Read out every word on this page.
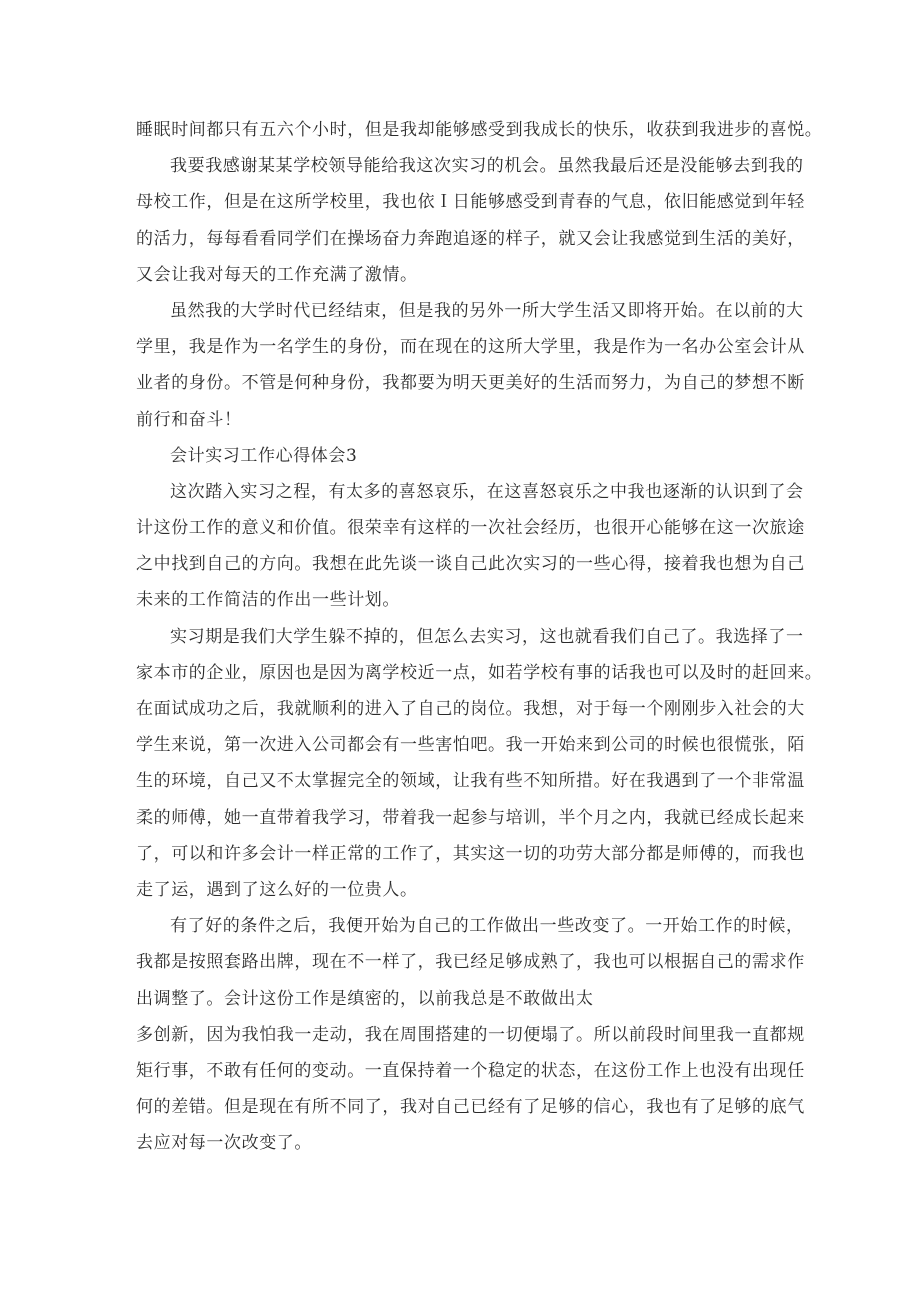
睡眠时间都只有五六个小时，但是我却能够感受到我成长的快乐，收获到我进步的喜悦。
我要我感谢某某学校领导能给我这次实习的机会。虽然我最后还是没能够去到我的
母校工作，但是在这所学校里，我也依Ｉ日能够感受到青春的气息，依旧能感觉到年轻
的活力，每每看看同学们在操场奋力奔跑追逐的样子，就又会让我感觉到生活的美好，
又会让我对每天的工作充满了激情。
虽然我的大学时代已经结束，但是我的另外一所大学生活又即将开始。在以前的大
学里，我是作为一名学生的身份，而在现在的这所大学里，我是作为一名办公室会计从
业者的身份。不管是何种身份，我都要为明天更美好的生活而努力，为自己的梦想不断
前行和奋斗！
会计实习工作心得体会3
这次踏入实习之程，有太多的喜怒哀乐，在这喜怒哀乐之中我也逐渐的认识到了会
计这份工作的意义和价值。很荣幸有这样的一次社会经历，也很开心能够在这一次旅途
之中找到自己的方向。我想在此先谈一谈自己此次实习的一些心得，接着我也想为自己
未来的工作简洁的作出一些计划。
实习期是我们大学生躲不掉的，但怎么去实习，这也就看我们自己了。我选择了一
家本市的企业，原因也是因为离学校近一点，如若学校有事的话我也可以及时的赶回来。
在面试成功之后，我就顺利的进入了自己的岗位。我想，对于每一个刚刚步入社会的大
学生来说，第一次进入公司都会有一些害怕吧。我一开始来到公司的时候也很慌张，陌
生的环境，自己又不太掌握完全的领域，让我有些不知所措。好在我遇到了一个非常温
柔的师傅，她一直带着我学习，带着我一起参与培训，半个月之内，我就已经成长起来
了，可以和许多会计一样正常的工作了，其实这一切的功劳大部分都是师傅的，而我也
走了运，遇到了这么好的一位贵人。
有了好的条件之后，我便开始为自己的工作做出一些改变了。一开始工作的时候，
我都是按照套路出牌，现在不一样了，我已经足够成熟了，我也可以根据自己的需求作
出调整了。会计这份工作是缜密的，以前我总是不敢做出太
多创新，因为我怕我一走动，我在周围搭建的一切便塌了。所以前段时间里我一直都规
矩行事，不敢有任何的变动。一直保持着一个稳定的状态，在这份工作上也没有出现任
何的差错。但是现在有所不同了，我对自己已经有了足够的信心，我也有了足够的底气
去应对每一次改变了。
